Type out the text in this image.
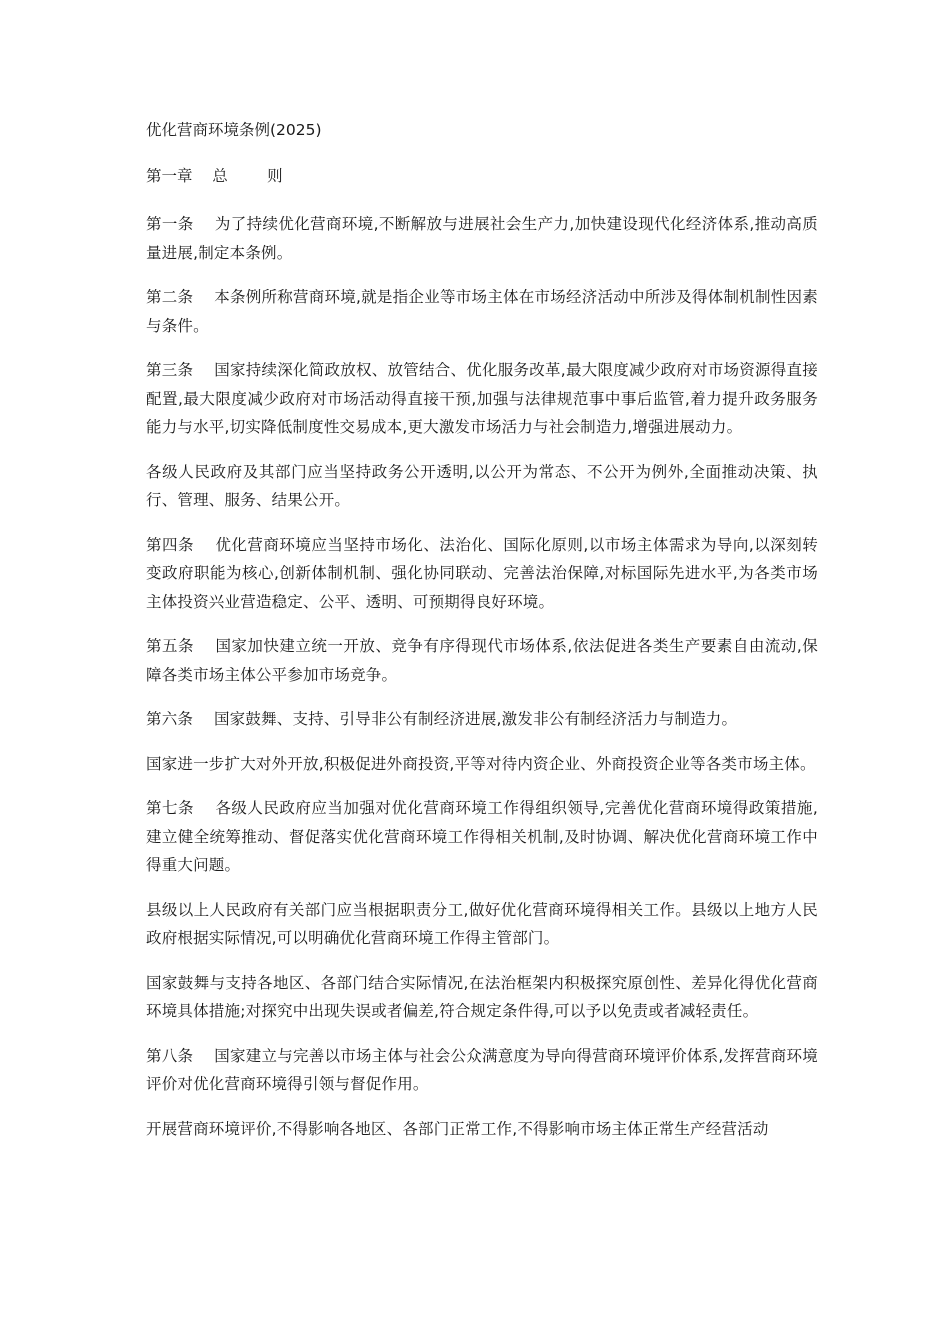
优化营商环境条例(2025)
第一章    总        则

第一条　 为了持续优化营商环境,不断解放与进展社会生产力,加快建设现代化经济体系,推动高质量进展,制定本条例。

第二条　 本条例所称营商环境,就是指企业等市场主体在市场经济活动中所涉及得体制机制性因素与条件。

第三条　 国家持续深化简政放权、放管结合、优化服务改革,最大限度减少政府对市场资源得直接配置,最大限度减少政府对市场活动得直接干预,加强与法律规范事中事后监管,着力提升政务服务能力与水平,切实降低制度性交易成本,更大激发市场活力与社会制造力,增强进展动力。

各级人民政府及其部门应当坚持政务公开透明,以公开为常态、不公开为例外,全面推动决策、执行、管理、服务、结果公开。

第四条　 优化营商环境应当坚持市场化、法治化、国际化原则,以市场主体需求为导向,以深刻转变政府职能为核心,创新体制机制、强化协同联动、完善法治保障,对标国际先进水平,为各类市场主体投资兴业营造稳定、公平、透明、可预期得良好环境。

第五条　 国家加快建立统一开放、竞争有序得现代市场体系,依法促进各类生产要素自由流动,保障各类市场主体公平参加市场竞争。

第六条　 国家鼓舞、支持、引导非公有制经济进展,激发非公有制经济活力与制造力。

国家进一步扩大对外开放,积极促进外商投资,平等对待内资企业、外商投资企业等各类市场主体。

第七条　 各级人民政府应当加强对优化营商环境工作得组织领导,完善优化营商环境得政策措施,建立健全统筹推动、督促落实优化营商环境工作得相关机制,及时协调、解决优化营商环境工作中得重大问题。

县级以上人民政府有关部门应当根据职责分工,做好优化营商环境得相关工作。县级以上地方人民政府根据实际情况,可以明确优化营商环境工作得主管部门。

国家鼓舞与支持各地区、各部门结合实际情况,在法治框架内积极探究原创性、差异化得优化营商环境具体措施;对探究中出现失误或者偏差,符合规定条件得,可以予以免责或者减轻责任。

第八条　 国家建立与完善以市场主体与社会公众满意度为导向得营商环境评价体系,发挥营商环境评价对优化营商环境得引领与督促作用。

开展营商环境评价,不得影响各地区、各部门正常工作,不得影响市场主体正常生产经营活动
